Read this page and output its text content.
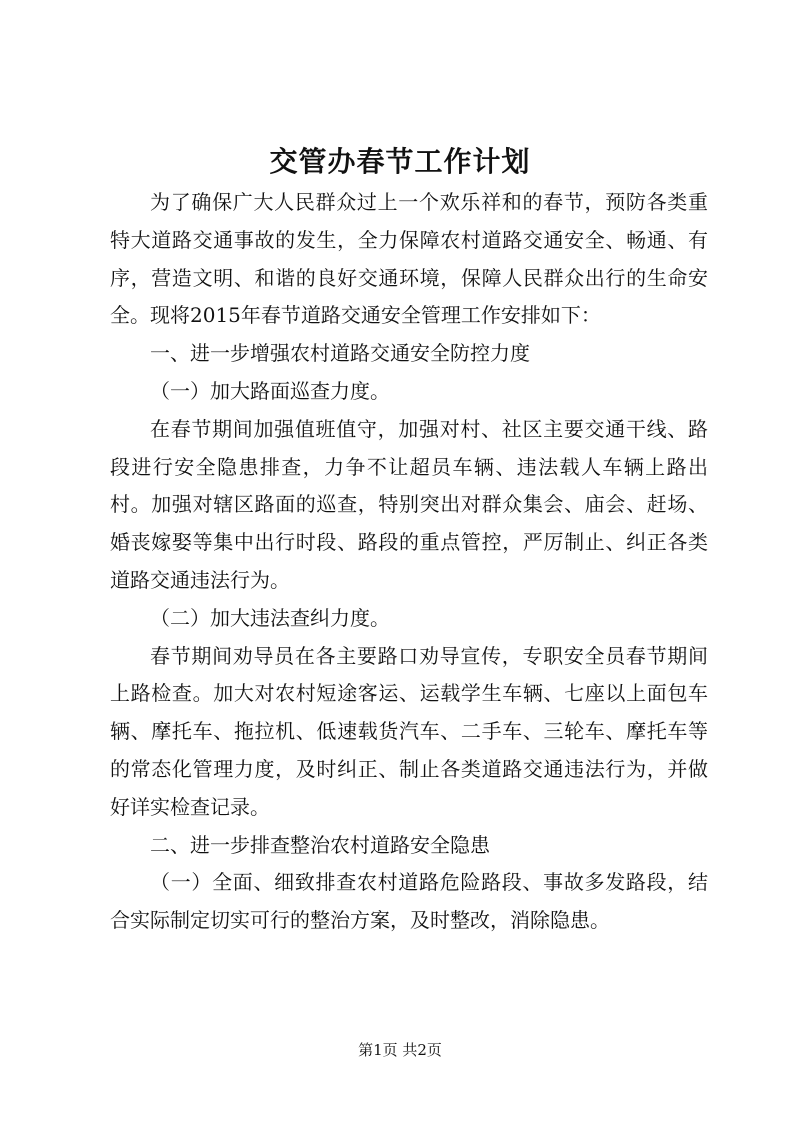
交管办春节工作计划

为了确保广大人民群众过上一个欢乐祥和的春节，预防各类重特大道路交通事故的发生，全力保障农村道路交通安全、畅通、有序，营造文明、和谐的良好交通环境，保障人民群众出行的生命安全。现将2015年春节道路交通安全管理工作安排如下：

一、进一步增强农村道路交通安全防控力度

（一）加大路面巡查力度。

在春节期间加强值班值守，加强对村、社区主要交通干线、路段进行安全隐患排查，力争不让超员车辆、违法载人车辆上路出村。加强对辖区路面的巡查，特别突出对群众集会、庙会、赶场、婚丧嫁娶等集中出行时段、路段的重点管控，严厉制止、纠正各类道路交通违法行为。

（二）加大违法查纠力度。

春节期间劝导员在各主要路口劝导宣传，专职安全员春节期间上路检查。加大对农村短途客运、运载学生车辆、七座以上面包车辆、摩托车、拖拉机、低速载货汽车、二手车、三轮车、摩托车等的常态化管理力度，及时纠正、制止各类道路交通违法行为，并做好详实检查记录。

二、进一步排查整治农村道路安全隐患

（一）全面、细致排查农村道路危险路段、事故多发路段，结合实际制定切实可行的整治方案，及时整改，消除隐患。

第1页 共2页
